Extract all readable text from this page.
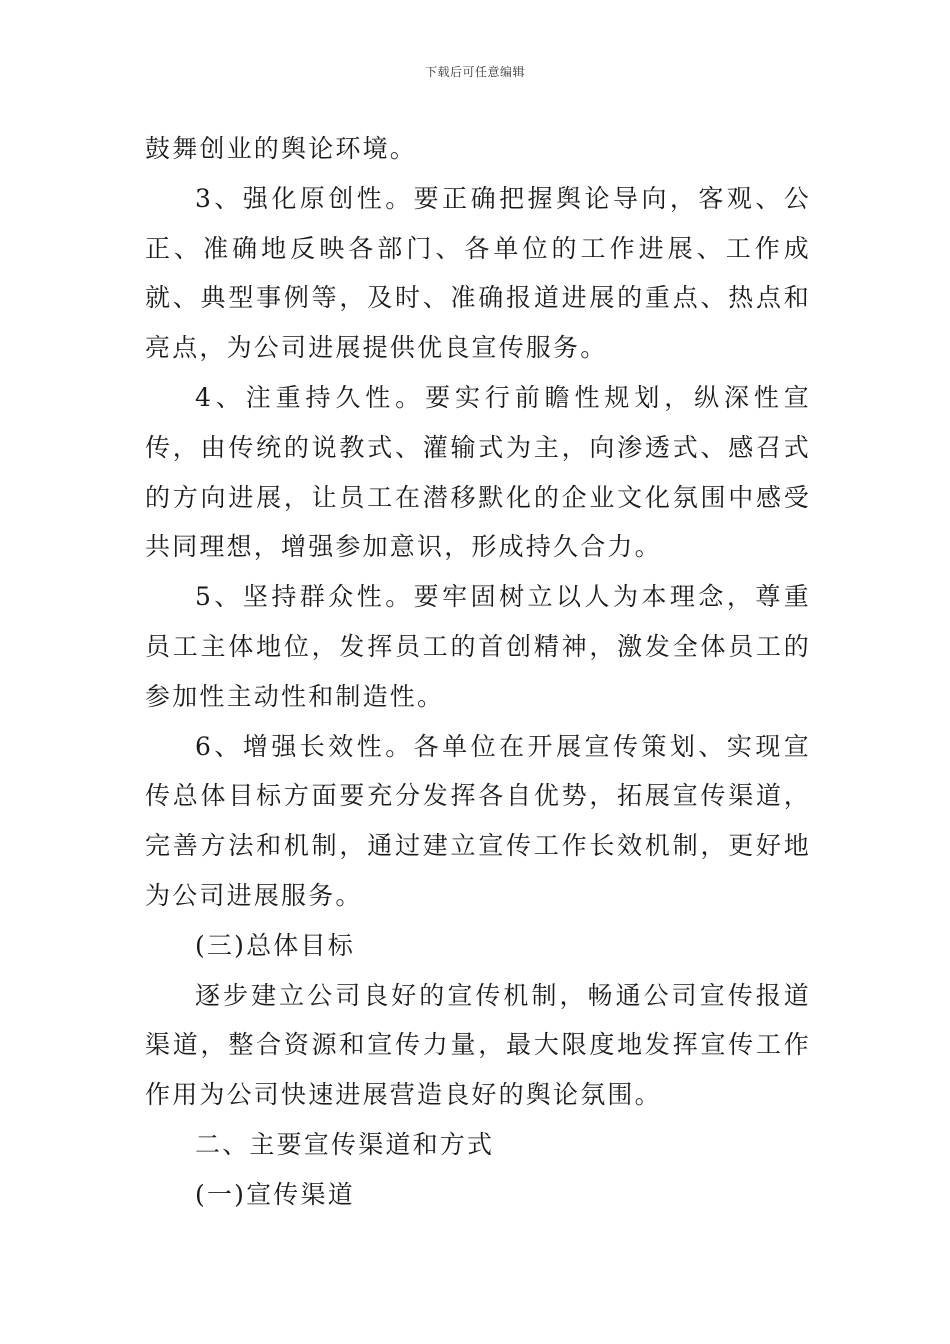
下载后可任意编辑

鼓舞创业的舆论环境。

3、强化原创性。要正确把握舆论导向，客观、公正、准确地反映各部门、各单位的工作进展、工作成就、典型事例等，及时、准确报道进展的重点、热点和亮点，为公司进展提供优良宣传服务。

4、注重持久性。要实行前瞻性规划，纵深性宣传，由传统的说教式、灌输式为主，向渗透式、感召式的方向进展，让员工在潜移默化的企业文化氛围中感受共同理想，增强参加意识，形成持久合力。

5、坚持群众性。要牢固树立以人为本理念，尊重员工主体地位，发挥员工的首创精神，激发全体员工的参加性主动性和制造性。

6、增强长效性。各单位在开展宣传策划、实现宣传总体目标方面要充分发挥各自优势，拓展宣传渠道，完善方法和机制，通过建立宣传工作长效机制，更好地为公司进展服务。

(三)总体目标

逐步建立公司良好的宣传机制，畅通公司宣传报道渠道，整合资源和宣传力量，最大限度地发挥宣传工作作用为公司快速进展营造良好的舆论氛围。

二、主要宣传渠道和方式

(一)宣传渠道
